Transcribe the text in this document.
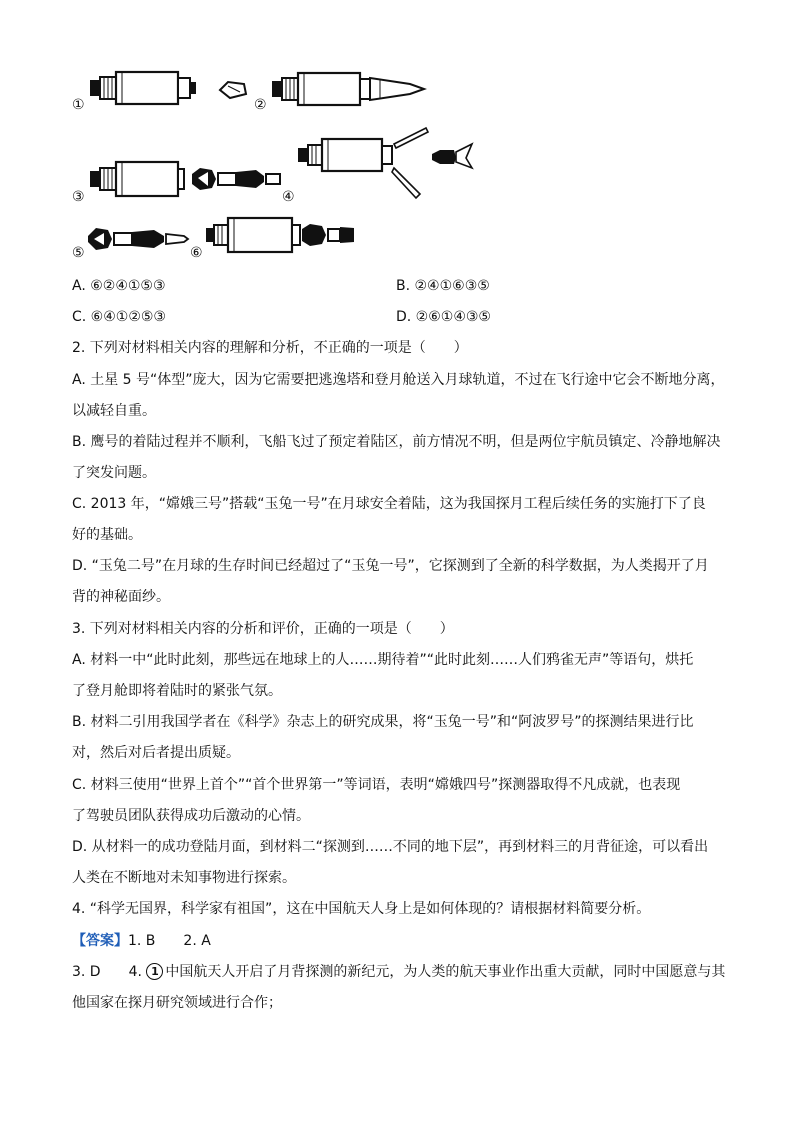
①	②
③	④
⑤	⑥
A. ⑥②④①⑤③	B. ②④①⑥③⑤
C. ⑥④①②⑤③	D. ②⑥①④③⑤
2. 下列对材料相关内容的理解和分析，不正确的一项是（　　）
A. 土星 5 号“体型”庞大，因为它需要把逃逸塔和登月舱送入月球轨道，不过在飞行途中它会不断地分离，
以减轻自重。
B. 鹰号的着陆过程并不顺利，飞船飞过了预定着陆区，前方情况不明，但是两位宇航员镇定、冷静地解决
了突发问题。
C. 2013 年，“嫦娥三号”搭载“玉兔一号”在月球安全着陆，这为我国探月工程后续任务的实施打下了良
好的基础。
D. “玉兔二号”在月球的生存时间已经超过了“玉兔一号”，它探测到了全新的科学数据，为人类揭开了月
背的神秘面纱。
3. 下列对材料相关内容的分析和评价，正确的一项是（　　）
A. 材料一中“此时此刻，那些远在地球上的人……期待着”“此时此刻……人们鸦雀无声”等语句，烘托
了登月舱即将着陆时的紧张气氛。
B. 材料二引用我国学者在《科学》杂志上的研究成果，将“玉兔一号”和“阿波罗号”的探测结果进行比
对，然后对后者提出质疑。
C. 材料三使用“世界上首个”“首个世界第一”等词语，表明“嫦娥四号”探测器取得不凡成就，也表现
了驾驶员团队获得成功后激动的心情。
D. 从材料一的成功登陆月面，到材料二“探测到……不同的地下层”，再到材料三的月背征途，可以看出
人类在不断地对未知事物进行探索。
4. “科学无国界，科学家有祖国”，这在中国航天人身上是如何体现的？请根据材料简要分析。
【答案】1. B　　2. A
3. D　　4. 1 中国航天人开启了月背探测的新纪元，为人类的航天事业作出重大贡献，同时中国愿意与其
他国家在探月研究领域进行合作；
